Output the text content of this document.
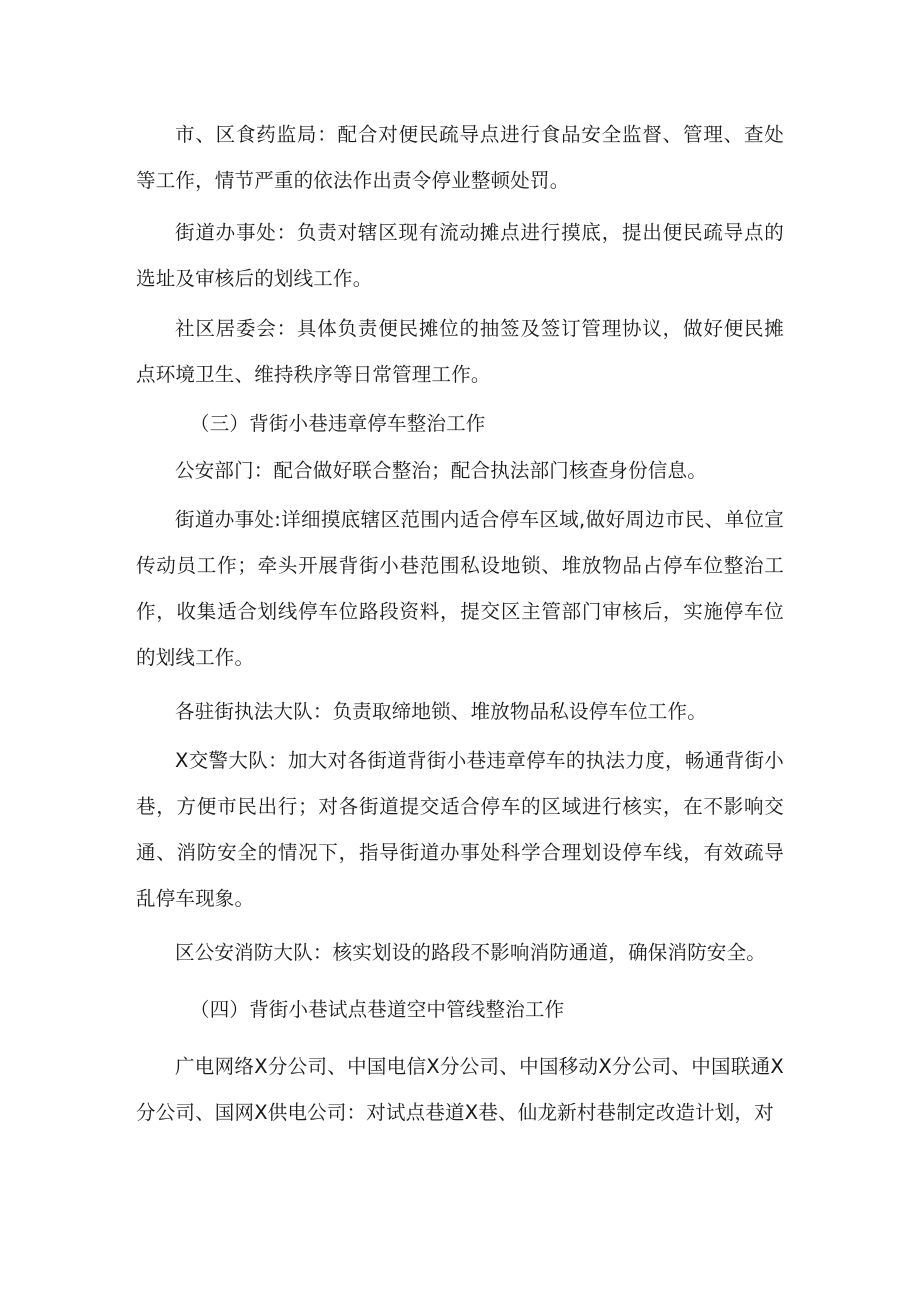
市、区食药监局：配合对便民疏导点进行食品安全监督、管理、查处等工作，情节严重的依法作出责令停业整顿处罚。

街道办事处：负责对辖区现有流动摊点进行摸底，提出便民疏导点的选址及审核后的划线工作。

社区居委会：具体负责便民摊位的抽签及签订管理协议，做好便民摊点环境卫生、维持秩序等日常管理工作。

（三）背街小巷违章停车整治工作

公安部门：配合做好联合整治；配合执法部门核查身份信息。

街道办事处:详细摸底辖区范围内适合停车区域,做好周边市民、单位宣传动员工作；牵头开展背街小巷范围私设地锁、堆放物品占停车位整治工作，收集适合划线停车位路段资料，提交区主管部门审核后，实施停车位的划线工作。

各驻街执法大队：负责取缔地锁、堆放物品私设停车位工作。

X交警大队：加大对各街道背街小巷违章停车的执法力度，畅通背街小巷，方便市民出行；对各街道提交适合停车的区域进行核实，在不影响交通、消防安全的情况下，指导街道办事处科学合理划设停车线，有效疏导乱停车现象。

区公安消防大队：核实划设的路段不影响消防通道，确保消防安全。

（四）背街小巷试点巷道空中管线整治工作

广电网络X分公司、中国电信X分公司、中国移动X分公司、中国联通X分公司、国网X供电公司：对试点巷道X巷、仙龙新村巷制定改造计划，对
